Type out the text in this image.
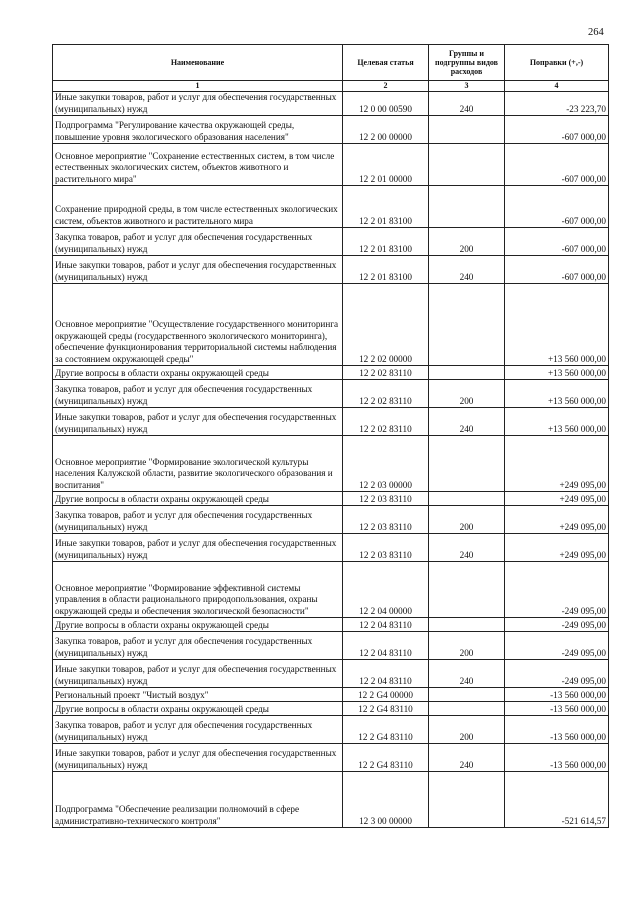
264
Наименование	Целевая статья	Группы и подгруппы видов расходов	Поправки (+,-)
1	2	3	4
Иные закупки товаров, работ и услуг для обеспечения государственных (муниципальных) нужд	12 0 00 00590	240	-23 223,70
Подпрограмма "Регулирование качества окружающей среды, повышение уровня экологического образования населения"	12 2 00 00000		-607 000,00
Основное мероприятие "Сохранение естественных систем, в том числе естественных экологических систем, объектов животного и растительного мира"	12 2 01 00000		-607 000,00
Сохранение природной среды, в том числе естественных экологических систем, объектов животного и растительного мира	12 2 01 83100		-607 000,00
Закупка товаров, работ и услуг для обеспечения государственных (муниципальных) нужд	12 2 01 83100	200	-607 000,00
Иные закупки товаров, работ и услуг для обеспечения государственных (муниципальных) нужд	12 2 01 83100	240	-607 000,00
Основное мероприятие "Осуществление государственного мониторинга окружающей среды (государственного экологического мониторинга), обеспечение функционирования территориальной системы наблюдения за состоянием окружающей среды"	12 2 02 00000		+13 560 000,00
Другие вопросы в области охраны окружающей среды	12 2 02 83110		+13 560 000,00
Закупка товаров, работ и услуг для обеспечения государственных (муниципальных) нужд	12 2 02 83110	200	+13 560 000,00
Иные закупки товаров, работ и услуг для обеспечения государственных (муниципальных) нужд	12 2 02 83110	240	+13 560 000,00
Основное мероприятие "Формирование экологической культуры населения Калужской области, развитие экологического образования и воспитания"	12 2 03 00000		+249 095,00
Другие вопросы в области охраны окружающей среды	12 2 03 83110		+249 095,00
Закупка товаров, работ и услуг для обеспечения государственных (муниципальных) нужд	12 2 03 83110	200	+249 095,00
Иные закупки товаров, работ и услуг для обеспечения государственных (муниципальных) нужд	12 2 03 83110	240	+249 095,00
Основное мероприятие "Формирование эффективной системы управления в области рационального природопользования, охраны окружающей среды и обеспечения экологической безопасности"	12 2 04 00000		-249 095,00
Другие вопросы в области охраны окружающей среды	12 2 04 83110		-249 095,00
Закупка товаров, работ и услуг для обеспечения государственных (муниципальных) нужд	12 2 04 83110	200	-249 095,00
Иные закупки товаров, работ и услуг для обеспечения государственных (муниципальных) нужд	12 2 04 83110	240	-249 095,00
Региональный проект "Чистый воздух"	12 2 G4 00000		-13 560 000,00
Другие вопросы в области охраны окружающей среды	12 2 G4 83110		-13 560 000,00
Закупка товаров, работ и услуг для обеспечения государственных (муниципальных) нужд	12 2 G4 83110	200	-13 560 000,00
Иные закупки товаров, работ и услуг для обеспечения государственных (муниципальных) нужд	12 2 G4 83110	240	-13 560 000,00
Подпрограмма "Обеспечение реализации полномочий в сфере административно-технического контроля"	12 3 00 00000		-521 614,57
